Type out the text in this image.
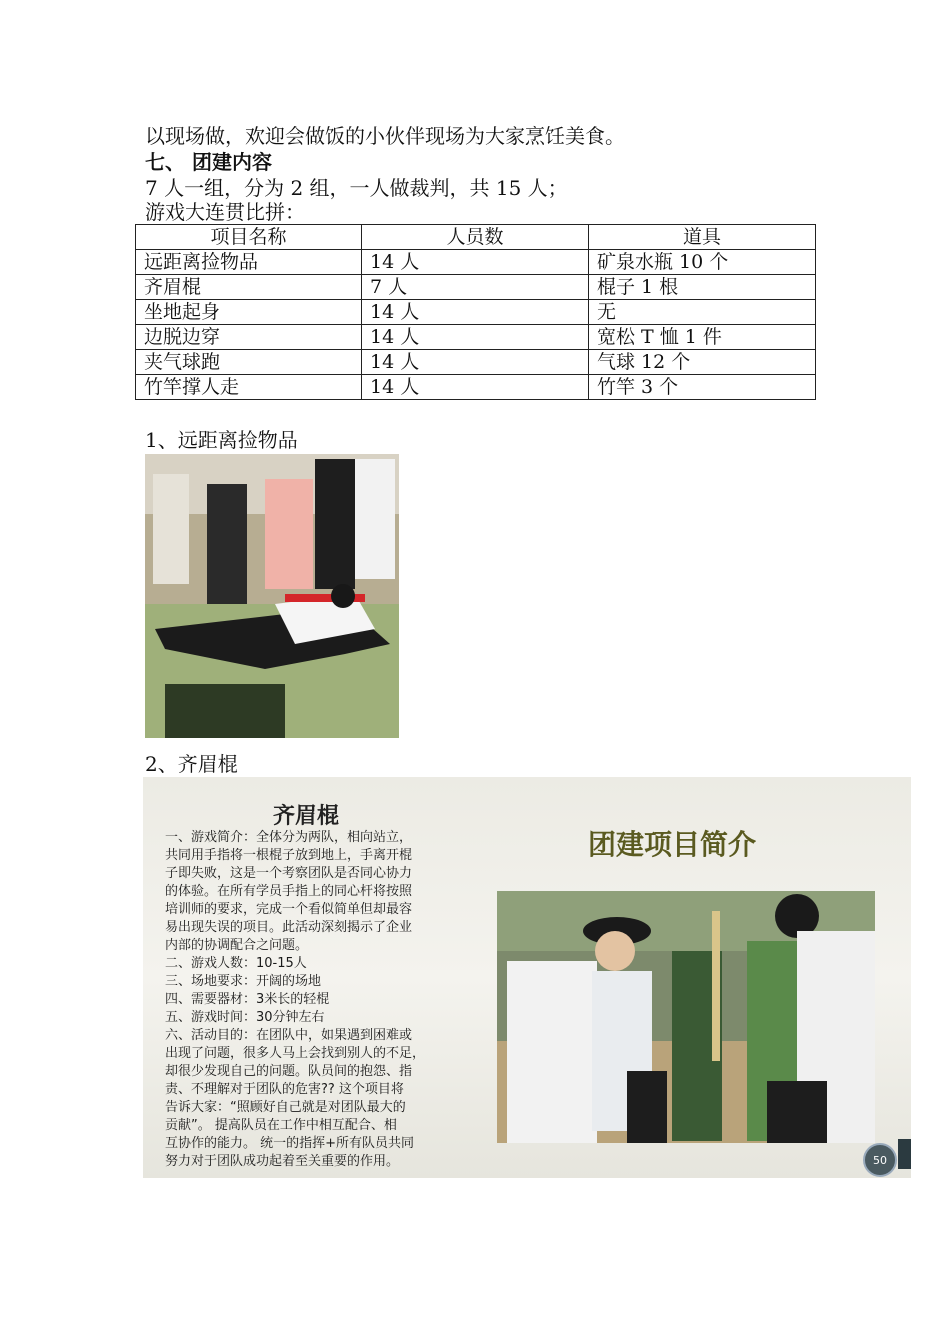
以现场做，欢迎会做饭的小伙伴现场为大家烹饪美食。
七、 团建内容
7 人一组，分为 2 组，一人做裁判，共 15 人；
游戏大连贯比拼：
项目名称	人员数	道具
远距离捡物品	14 人	矿泉水瓶 10 个
齐眉棍	7 人	棍子 1 根
坐地起身	14 人	无
边脱边穿	14 人	宽松 T 恤 1 件
夹气球跑	14 人	气球 12 个
竹竿撑人走	14 人	竹竿 3 个
1、远距离捡物品
2、齐眉棍
齐眉棍

一、游戏简介：全体分为两队，相向站立，

共同用手指将一根棍子放到地上，手离开棍

子即失败，这是一个考察团队是否同心协力

的体验。在所有学员手指上的同心杆将按照

培训师的要求，完成一个看似简单但却最容

易出现失误的项目。此活动深刻揭示了企业

内部的协调配合之问题。

二、游戏人数：10-15人

三、场地要求：开阔的场地

四、需要器材：3米长的轻棍

五、游戏时间：30分钟左右

六、活动目的：在团队中，如果遇到困难或

出现了问题，很多人马上会找到别人的不足，

却很少发现自己的问题。队员间的抱怨、指

责、不理解对于团队的危害?? 这个项目将

告诉大家：“照顾好自己就是对团队最大的

贡献”。 提高队员在工作中相互配合、相

互协作的能力。 统一的指挥+所有队员共同

努力对于团队成功起着至关重要的作用。

团建项目简介
50
